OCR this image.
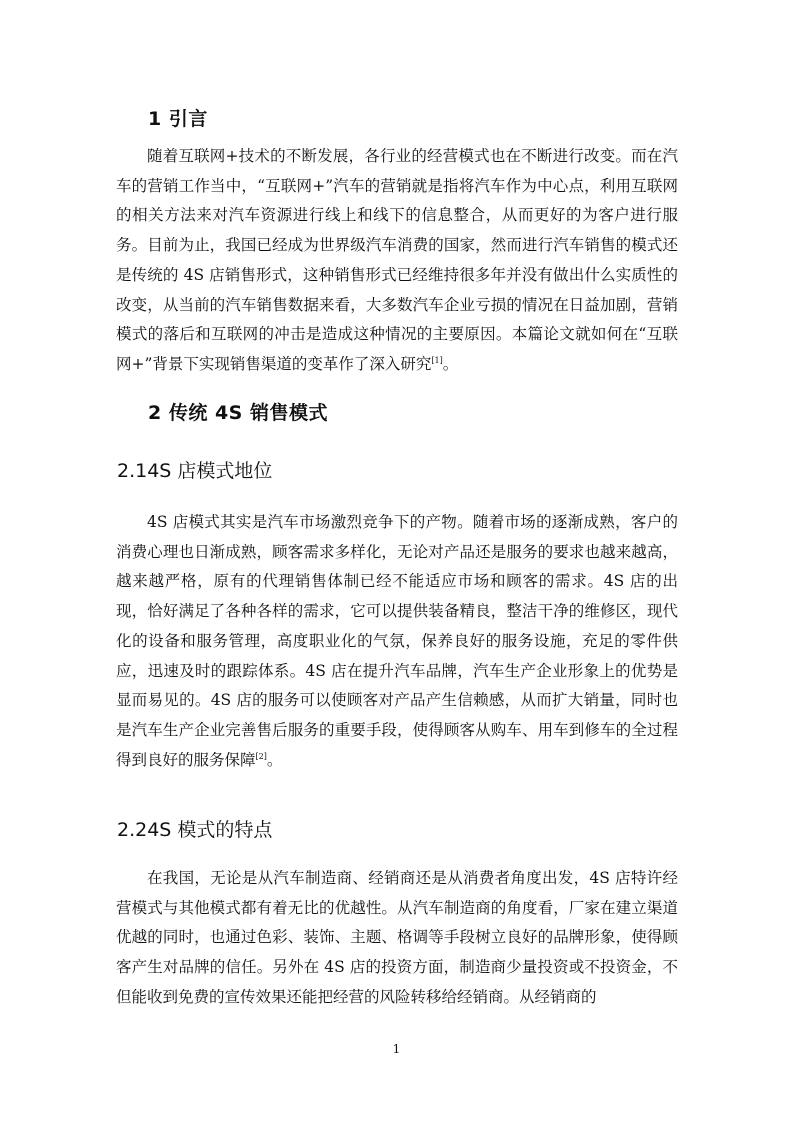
1 引言

随着互联网+技术的不断发展，各行业的经营模式也在不断进行改变。而在汽车的营销工作当中，“互联网+”汽车的营销就是指将汽车作为中心点，利用互联网的相关方法来对汽车资源进行线上和线下的信息整合，从而更好的为客户进行服务。目前为止，我国已经成为世界级汽车消费的国家，然而进行汽车销售的模式还是传统的 4S 店销售形式，这种销售形式已经维持很多年并没有做出什么实质性的改变，从当前的汽车销售数据来看，大多数汽车企业亏损的情况在日益加剧，营销模式的落后和互联网的冲击是造成这种情况的主要原因。本篇论文就如何在“互联网+”背景下实现销售渠道的变革作了深入研究[1]。

2 传统 4S 销售模式
2.14S 店模式地位

4S 店模式其实是汽车市场激烈竞争下的产物。随着市场的逐渐成熟，客户的消费心理也日渐成熟，顾客需求多样化，无论对产品还是服务的要求也越来越高，越来越严格，原有的代理销售体制已经不能适应市场和顾客的需求。4S 店的出现，恰好满足了各种各样的需求，它可以提供装备精良，整洁干净的维修区，现代化的设备和服务管理，高度职业化的气氛，保养良好的服务设施，充足的零件供应，迅速及时的跟踪体系。4S 店在提升汽车品牌，汽车生产企业形象上的优势是显而易见的。4S 店的服务可以使顾客对产品产生信赖感，从而扩大销量，同时也是汽车生产企业完善售后服务的重要手段，使得顾客从购车、用车到修车的全过程得到良好的服务保障[2]。

2.24S 模式的特点

在我国，无论是从汽车制造商、经销商还是从消费者角度出发，4S 店特许经营模式与其他模式都有着无比的优越性。从汽车制造商的角度看，厂家在建立渠道优越的同时，也通过色彩、装饰、主题、格调等手段树立良好的品牌形象，使得顾客产生对品牌的信任。另外在 4S 店的投资方面，制造商少量投资或不投资金，不但能收到免费的宣传效果还能把经营的风险转移给经销商。从经销商的

1
